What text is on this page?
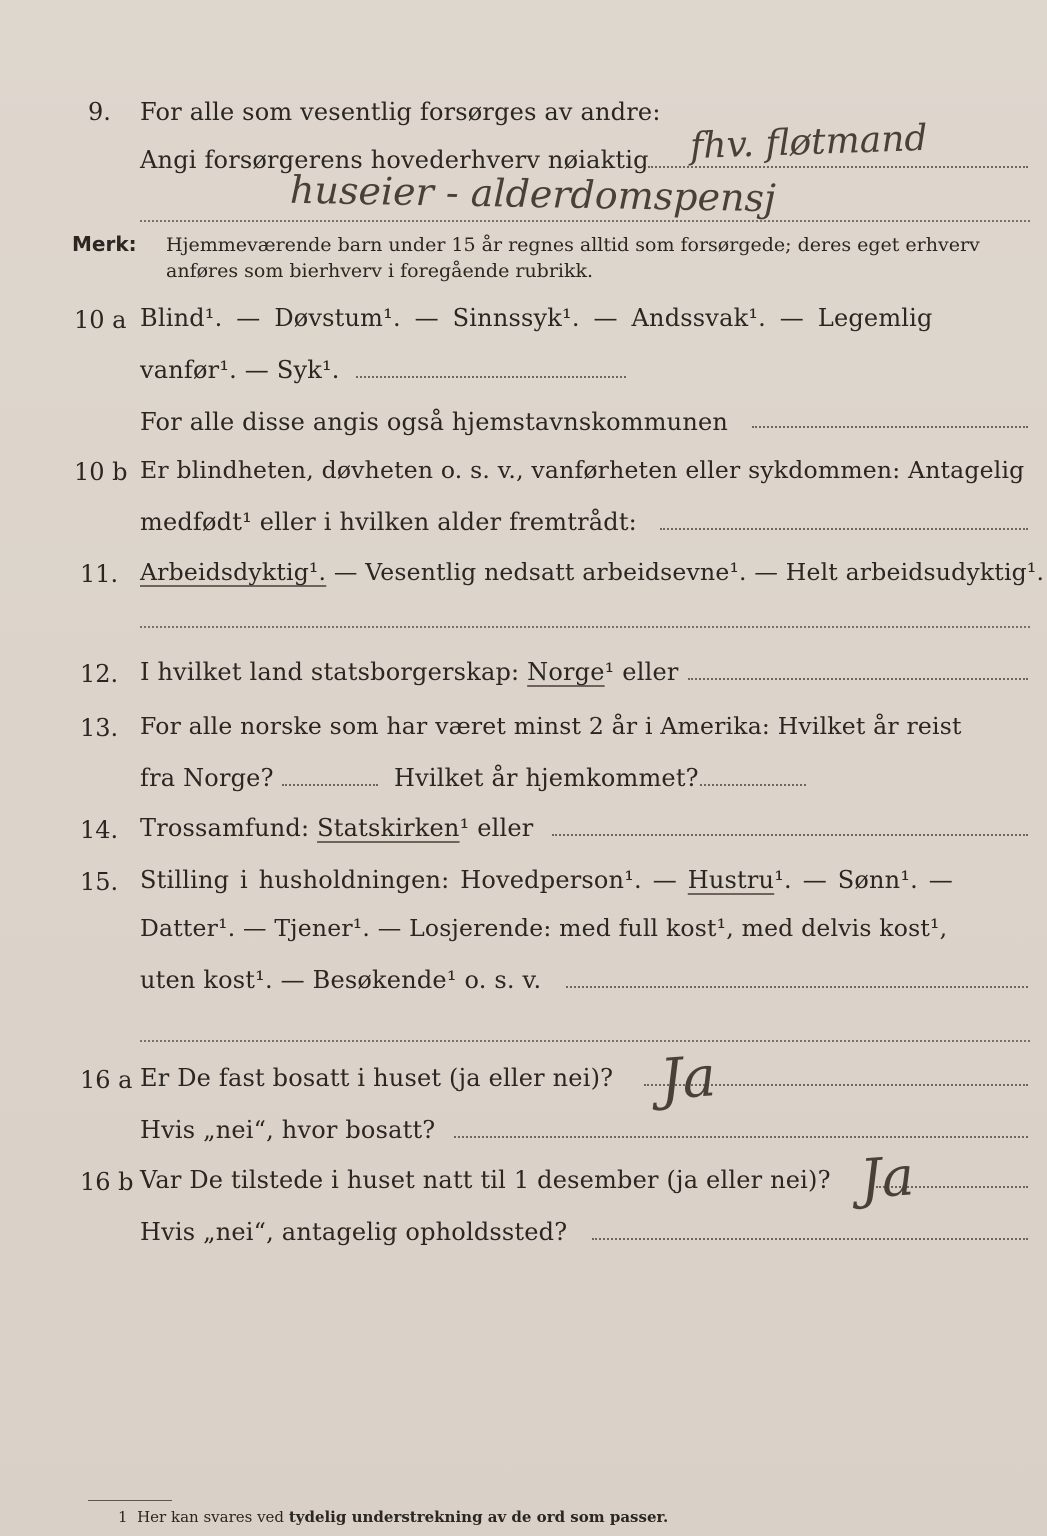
9. For alle som vesentlig forsørges av andre:
Angi forsørgerens hovederhverv nøiaktig fhv. fløtmand
huseier - alderdomspensj
Merk: Hjemmeværende barn under 15 år regnes alltid som forsørgede; deres eget erhverv
anføres som bierhverv i foregående rubrikk.
10 a Blind¹. — Døvstum¹. — Sinnssyk¹. — Andssvak¹. — Legemlig
vanfør¹. — Syk¹.
For alle disse angis også hjemstavnskommunen
10 b Er blindheten, døvheten o. s. v., vanførheten eller sykdommen: Antagelig
medfødt¹ eller i hvilken alder fremtrådt:
11. Arbeidsdyktig¹. — Vesentlig nedsatt arbeidsevne¹. — Helt arbeidsudyktig¹.
12. I hvilket land statsborgerskap: Norge¹ eller
13. For alle norske som har været minst 2 år i Amerika: Hvilket år reist
fra Norge?	Hvilket år hjemkommet?
14. Trossamfund: Statskirken¹ eller
15. Stilling i husholdningen: Hovedperson¹. — Hustru¹. — Sønn¹. —
Datter¹. — Tjener¹. — Losjerende: med full kost¹, med delvis kost¹,
uten kost¹. — Besøkende¹ o. s. v.
16 a Er De fast bosatt i huset (ja eller nei)?
Hvis „nei“, hvor bosatt?
Ja
16 b Var De tilstede i huset natt til 1 desember (ja eller nei)?
Hvis „nei“, antagelig opholdssted?
Ja
1 Her kan svares ved tydelig understrekning av de ord som passer.
